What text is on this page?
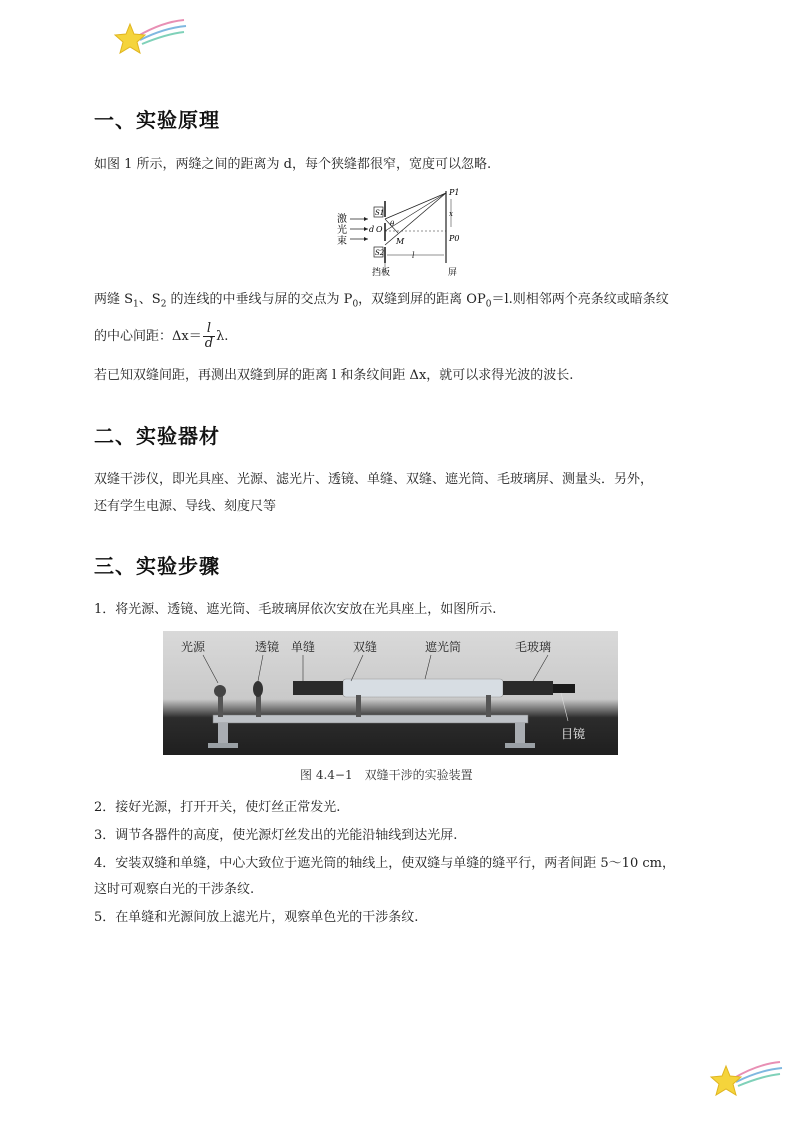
一、实验原理
如图 1 所示，两缝之间的距离为 d，每个狭缝都很窄，宽度可以忽略.
激
光
束
S1
S2
d O
θ
M
P1
P0
x
l
挡板	屏
两缝 $S_1$、$S_2$ 的连线的中垂线与屏的交点为 $P_0$，双缝到屏的距离 $OP_0=l$.则相邻两个亮条纹或暗条纹
的中心间距：$\Delta x= \frac{l}{d} \lambda$.
若已知双缝间距，再测出双缝到屏的距离 l 和条纹间距 Δx，就可以求得光波的波长.
二、实验器材
双缝干涉仪，即光具座、光源、滤光片、透镜、单缝、双缝、遮光筒、毛玻璃屏、测量头．另外，
还有学生电源、导线、刻度尺等
三、实验步骤
1．将光源、透镜、遮光筒、毛玻璃屏依次安放在光具座上，如图所示.
光源	透镜 单缝	双缝	遮光筒	毛玻璃
目镜
图 4.4−1　双缝干涉的实验装置
2．接好光源，打开开关，使灯丝正常发光.
3．调节各器件的高度，使光源灯丝发出的光能沿轴线到达光屏.
4．安装双缝和单缝，中心大致位于遮光筒的轴线上，使双缝与单缝的缝平行，两者间距 5～10 cm，
这时可观察白光的干涉条纹.
5．在单缝和光源间放上滤光片，观察单色光的干涉条纹.
